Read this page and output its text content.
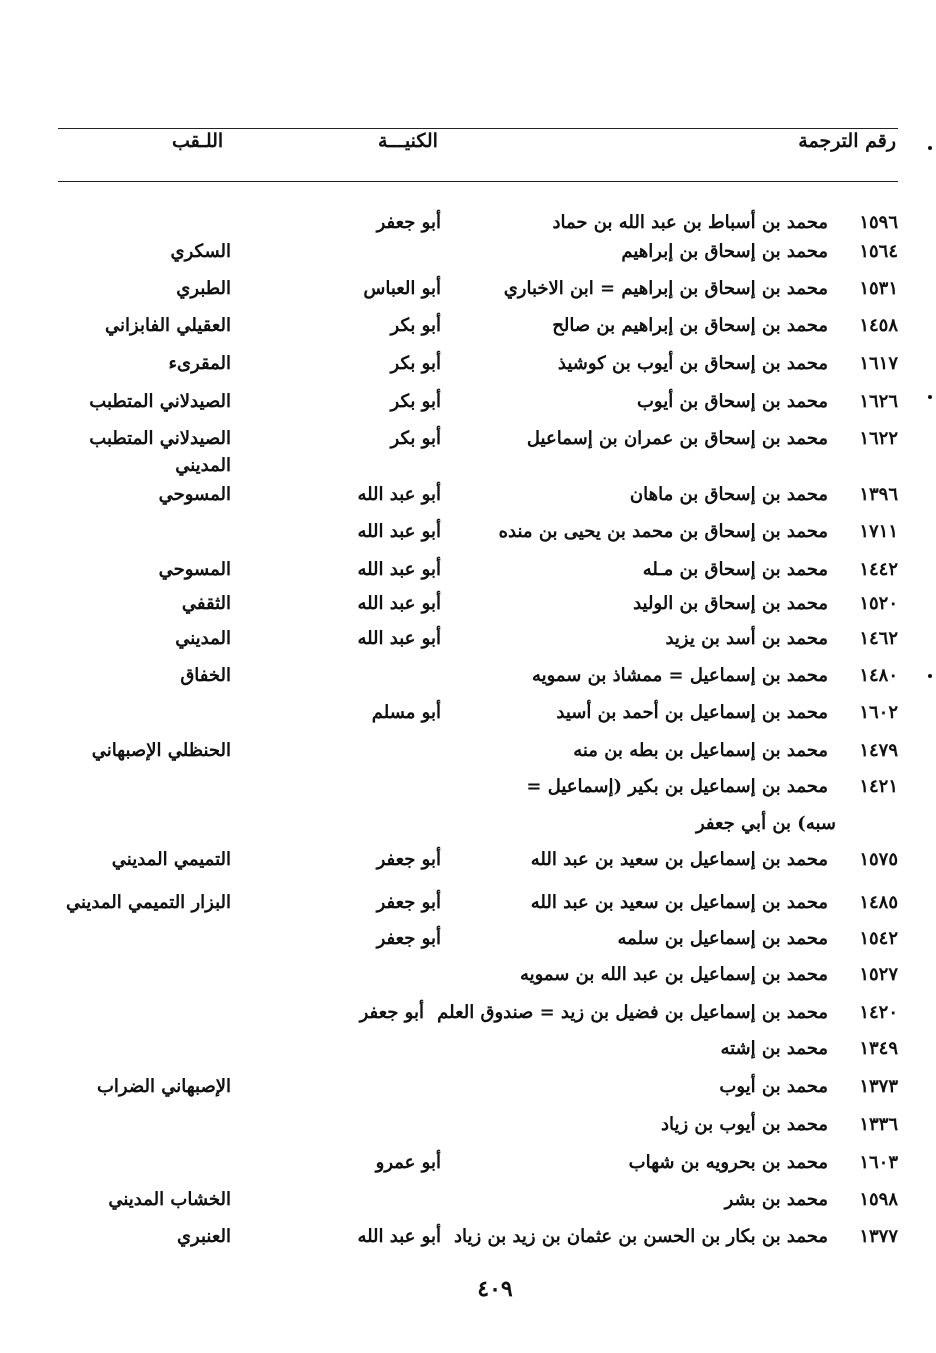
رقم الترجمة
الكنيـــة
اللـقب
١٥٩٦
محمد بن أسباط بن عبد الله بن حماد
أبو جعفر
١٥٦٤
محمد بن إسحاق بن إبراهيم
السكري
١٥٣١
محمد بن إسحاق بن إبراهيم = ابن الاخباري
أبو العباس
الطبري
١٤٥٨
محمد بن إسحاق بن إبراهيم بن صالح
أبو بكر
العقيلي الفابزاني
١٦١٧
محمد بن إسحاق بن أيوب بن كوشيذ
أبو بكر
المقرىء
١٦٢٦
محمد بن إسحاق بن أيوب
أبو بكر
الصيدلاني المتطبب
١٦٢٢
محمد بن إسحاق بن عمران بن إسماعيل
أبو بكر
الصيدلاني المتطبب
المديني
١٣٩٦
محمد بن إسحاق بن ماهان
أبو عبد الله
المسوحي
١٧١١
محمد بن إسحاق بن محمد بن يحيى بن منده
أبو عبد الله
١٤٤٢
محمد بن إسحاق بن مـله
أبو عبد الله
المسوحي
١٥٢٠
محمد بن إسحاق بن الوليد
أبو عبد الله
الثقفي
١٤٦٢
محمد بن أسد بن يزيد
أبو عبد الله
المديني
١٤٨٠
محمد بن إسماعيل = ممشاذ بن سمويه
الخفاق
١٦٠٢
محمد بن إسماعيل بن أحمد بن أسيد
أبو مسلم
١٤٧٩
محمد بن إسماعيل بن بطه بن منه
الحنظلي الإصبهاني
١٤٢١
محمد بن إسماعيل بن بكير (إسماعيل =
سبه) بن أبي جعفر
١٥٧٥
محمد بن إسماعيل بن سعيد بن عبد الله
أبو جعفر
التميمي المديني
١٤٨٥
محمد بن إسماعيل بن سعيد بن عبد الله
أبو جعفر
البزار التميمي المديني
١٥٤٢
محمد بن إسماعيل بن سلمه
أبو جعفر
١٥٢٧
محمد بن إسماعيل بن عبد الله بن سمويه
١٤٢٠
محمد بن إسماعيل بن فضيل بن زيد = صندوق العلم
أبو جعفر
١٣٤٩
محمد بن إشته
١٣٧٣
محمد بن أيوب
الإصبهاني الضراب
١٣٣٦
محمد بن أيوب بن زياد
١٦٠٣
محمد بن بحرويه بن شهاب
أبو عمرو
١٥٩٨
محمد بن بشر
الخشاب المديني
١٣٧٧
محمد بن بكار بن الحسن بن عثمان بن زيد بن زياد
أبو عبد الله
العنبري
٤٠٩
